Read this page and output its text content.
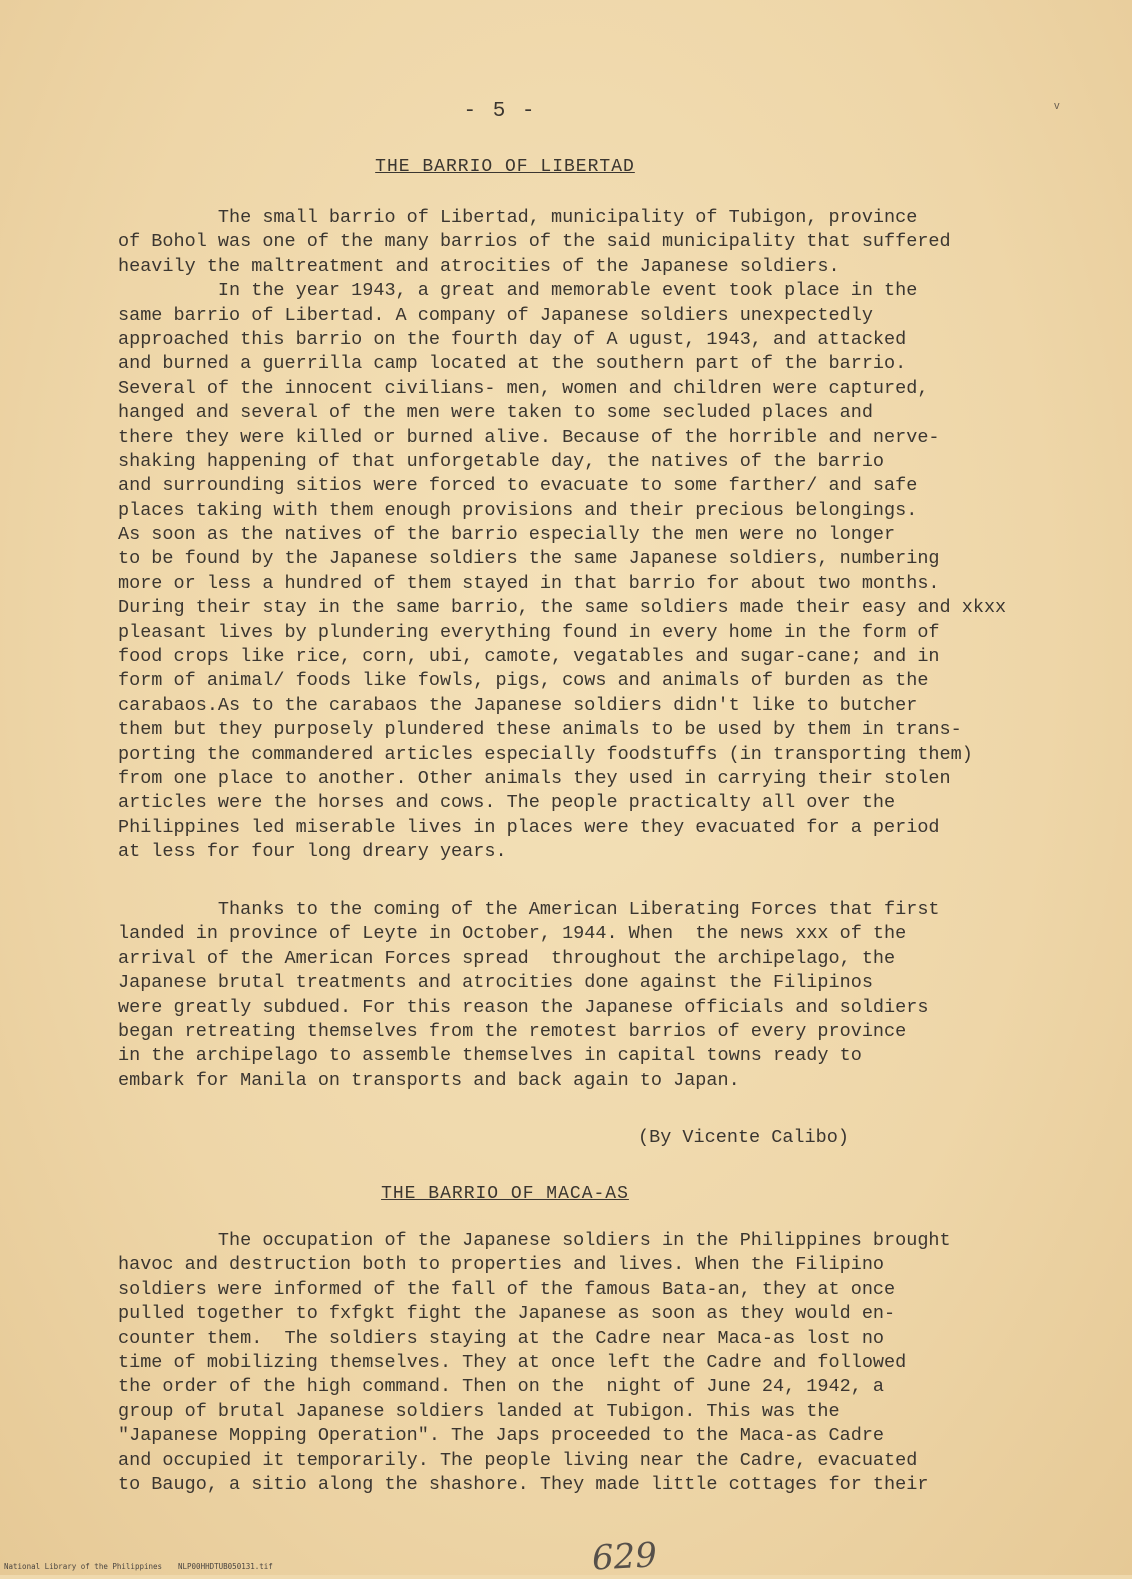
- 5 -	ᵛ
THE BARRIO OF LIBERTAD
The small barrio of Libertad, municipality of Tubigon, province
of Bohol was one of the many barrios of the said municipality that suffered
heavily the maltreatment and atrocities of the Japanese soldiers.
In the year 1943, a great and memorable event took place in the
same barrio of Libertad. A company of Japanese soldiers unexpectedly
approached this barrio on the fourth day of A ugust, 1943, and attacked
and burned a guerrilla camp located at the southern part of the barrio.
Several of the innocent civilians- men, women and children were captured,
hanged and several of the men were taken to some secluded places and
there they were killed or burned alive. Because of the horrible and nerve-
shaking happening of that unforgetable day, the natives of the barrio
and surrounding sitios were forced to evacuate to some farther/ and safe
places taking with them enough provisions and their precious belongings.
As soon as the natives of the barrio especially the men were no longer
to be found by the Japanese soldiers the same Japanese soldiers, numbering
more or less a hundred of them stayed in that barrio for about two months.
During their stay in the same barrio, the same soldiers made their easy and xkxx
pleasant lives by plundering everything found in every home in the form of
food crops like rice, corn, ubi, camote, vegatables and sugar-cane; and in
form of animal/ foods like fowls, pigs, cows and animals of burden as the
carabaos.As to the carabaos the Japanese soldiers didn't like to butcher
them but they purposely plundered these animals to be used by them in trans-
porting the commandered articles especially foodstuffs (in transporting them)
from one place to another. Other animals they used in carrying their stolen
articles were the horses and cows. The people practicalty all over the
Philippines led miserable lives in places were they evacuated for a period
at less for four long dreary years.
Thanks to the coming of the American Liberating Forces that first
landed in province of Leyte in October, 1944. When  the news xxx of the
arrival of the American Forces spread  throughout the archipelago, the
Japanese brutal treatments and atrocities done against the Filipinos
were greatly subdued. For this reason the Japanese officials and soldiers
began retreating themselves from the remotest barrios of every province
in the archipelago to assemble themselves in capital towns ready to
embark for Manila on transports and back again to Japan.
(By Vicente Calibo)
THE BARRIO OF MACA-AS
The occupation of the Japanese soldiers in the Philippines brought
havoc and destruction both to properties and lives. When the Filipino
soldiers were informed of the fall of the famous Bata-an, they at once
pulled together to fxfgkt fight the Japanese as soon as they would en-
counter them.  The soldiers staying at the Cadre near Maca-as lost no
time of mobilizing themselves. They at once left the Cadre and followed
the order of the high command. Then on the  night of June 24, 1942, a
group of brutal Japanese soldiers landed at Tubigon. This was the
"Japanese Mopping Operation". The Japs proceeded to the Maca-as Cadre
and occupied it temporarily. The people living near the Cadre, evacuated
to Baugo, a sitio along the shashore. They made little cottages for their
629
National Library of the Philippines NLP00HHDTUB050131.tif
